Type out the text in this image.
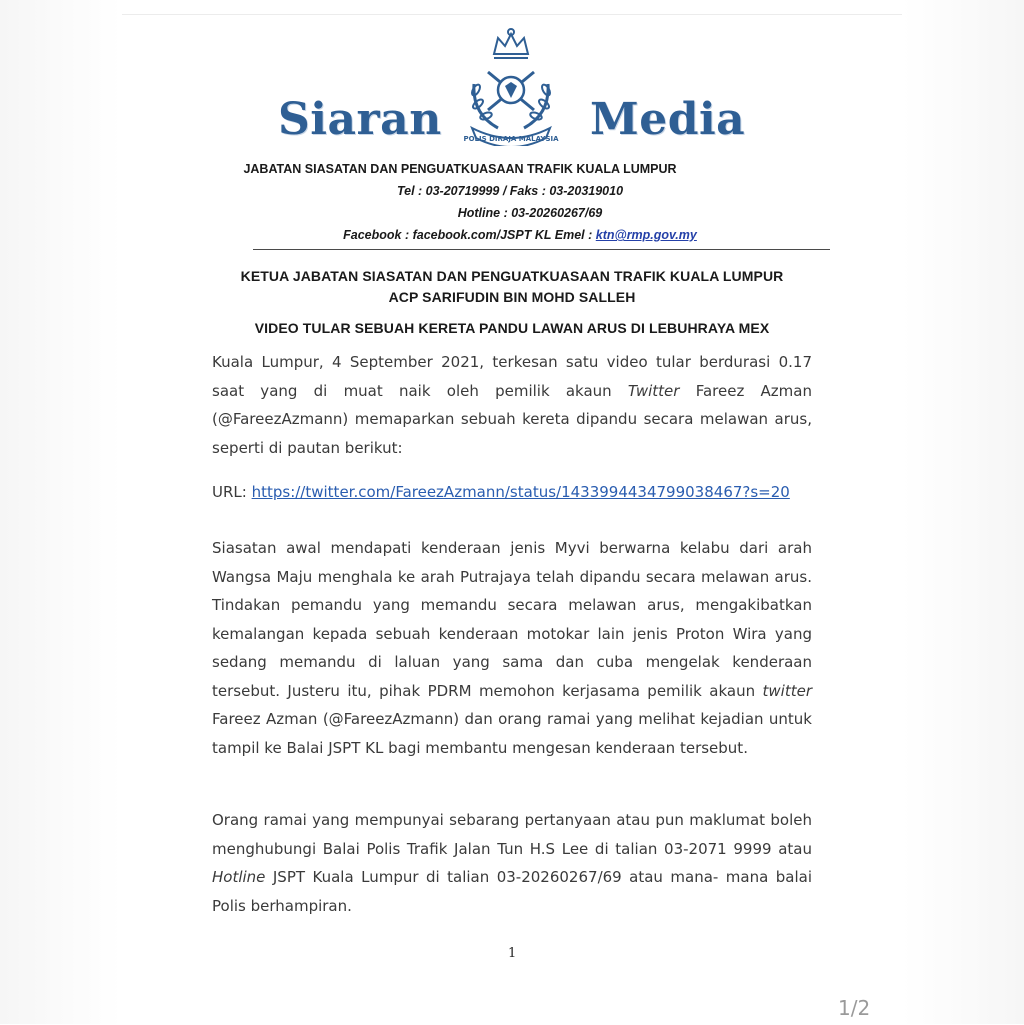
Siaran	POLIS DIRAJA MALAYSIA Media
JABATAN SIASATAN DAN PENGUATKUASAAN TRAFIK KUALA LUMPUR
Tel : 03-20719999 / Faks : 03-20319010
Hotline : 03-20260267/69
Facebook : facebook.com/JSPT KL Emel : ktn@rmp.gov.my
KETUA JABATAN SIASATAN DAN PENGUATKUASAAN TRAFIK KUALA LUMPUR
ACP SARIFUDIN BIN MOHD SALLEH
VIDEO TULAR SEBUAH KERETA PANDU LAWAN ARUS DI LEBUHRAYA MEX
Kuala Lumpur, 4 September 2021, terkesan satu video tular berdurasi 0.17 saat yang di muat naik oleh pemilik akaun Twitter Fareez Azman (@FareezAzmann) memaparkan sebuah kereta dipandu secara melawan arus, seperti di pautan berikut:
URL: https://twitter.com/FareezAzmann/status/1433994434799038467?s=20
Siasatan awal mendapati kenderaan jenis Myvi berwarna kelabu dari arah Wangsa Maju menghala ke arah Putrajaya telah dipandu secara melawan arus. Tindakan pemandu yang memandu secara melawan arus, mengakibatkan kemalangan kepada sebuah kenderaan motokar lain jenis Proton Wira yang sedang memandu di laluan yang sama dan cuba mengelak kenderaan tersebut. Justeru itu, pihak PDRM memohon kerjasama pemilik akaun twitter Fareez Azman (@FareezAzmann) dan orang ramai yang melihat kejadian untuk tampil ke Balai JSPT KL bagi membantu mengesan kenderaan tersebut.
Orang ramai yang mempunyai sebarang pertanyaan atau pun maklumat boleh menghubungi Balai Polis Trafik Jalan Tun H.S Lee di talian 03-2071 9999 atau Hotline JSPT Kuala Lumpur di talian 03-20260267/69 atau mana- mana balai Polis berhampiran.
1
1/2
